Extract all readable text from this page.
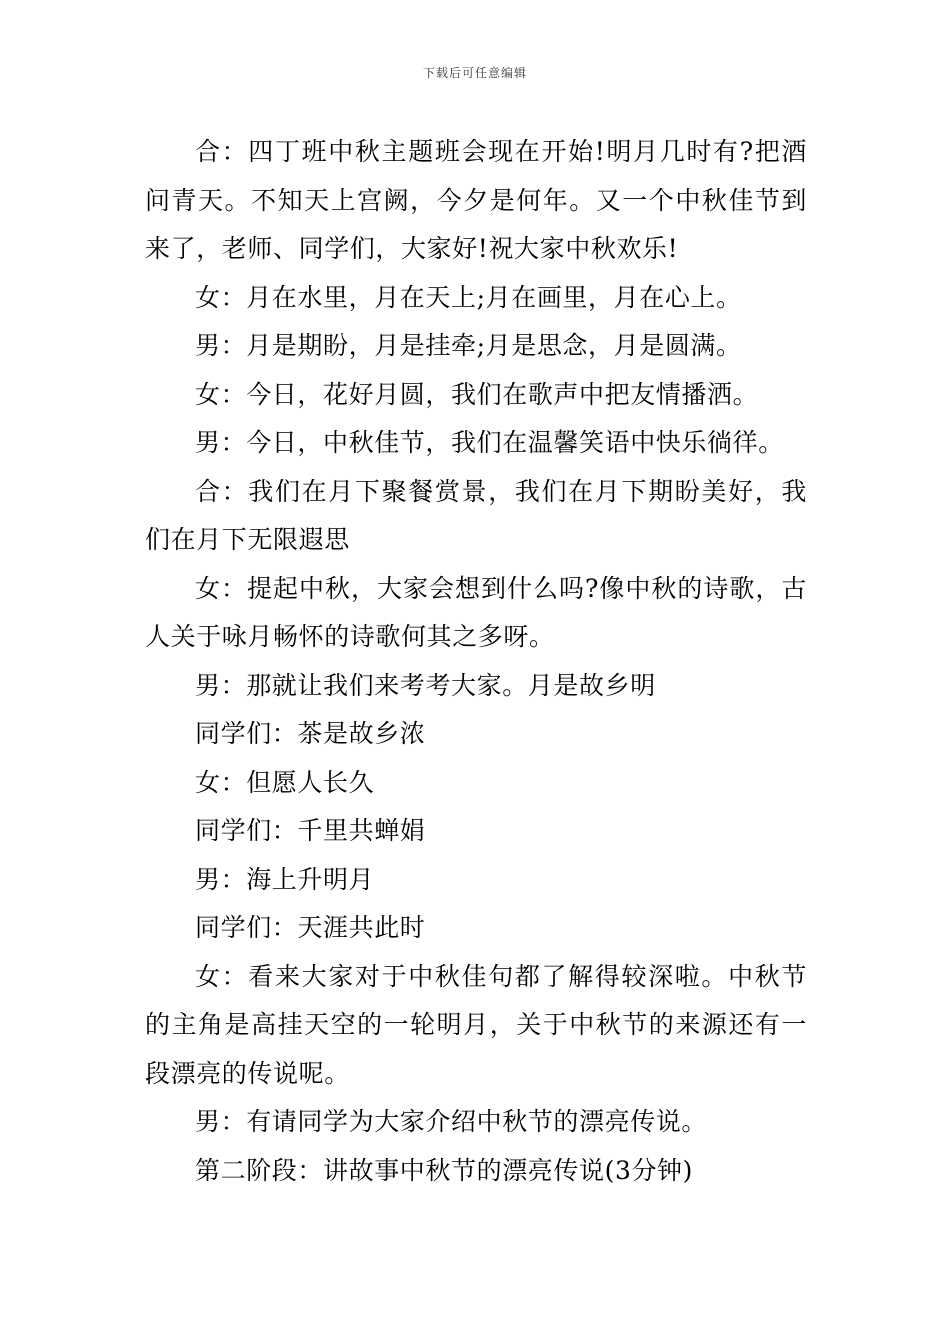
下载后可任意编辑

合：四丁班中秋主题班会现在开始!明月几时有?把酒问青天。不知天上宫阙，今夕是何年。又一个中秋佳节到来了，老师、同学们，大家好!祝大家中秋欢乐!

女：月在水里，月在天上;月在画里，月在心上。

男：月是期盼，月是挂牵;月是思念，月是圆满。

女：今日，花好月圆，我们在歌声中把友情播洒。

男：今日，中秋佳节，我们在温馨笑语中快乐徜徉。

合：我们在月下聚餐赏景，我们在月下期盼美好，我们在月下无限遐思

女：提起中秋，大家会想到什么吗?像中秋的诗歌，古人关于咏月畅怀的诗歌何其之多呀。

男：那就让我们来考考大家。月是故乡明

同学们：茶是故乡浓

女：但愿人长久

同学们：千里共蝉娟

男：海上升明月

同学们：天涯共此时

女：看来大家对于中秋佳句都了解得较深啦。中秋节的主角是高挂天空的一轮明月，关于中秋节的来源还有一段漂亮的传说呢。

男：有请同学为大家介绍中秋节的漂亮传说。

第二阶段：讲故事中秋节的漂亮传说(3分钟)
